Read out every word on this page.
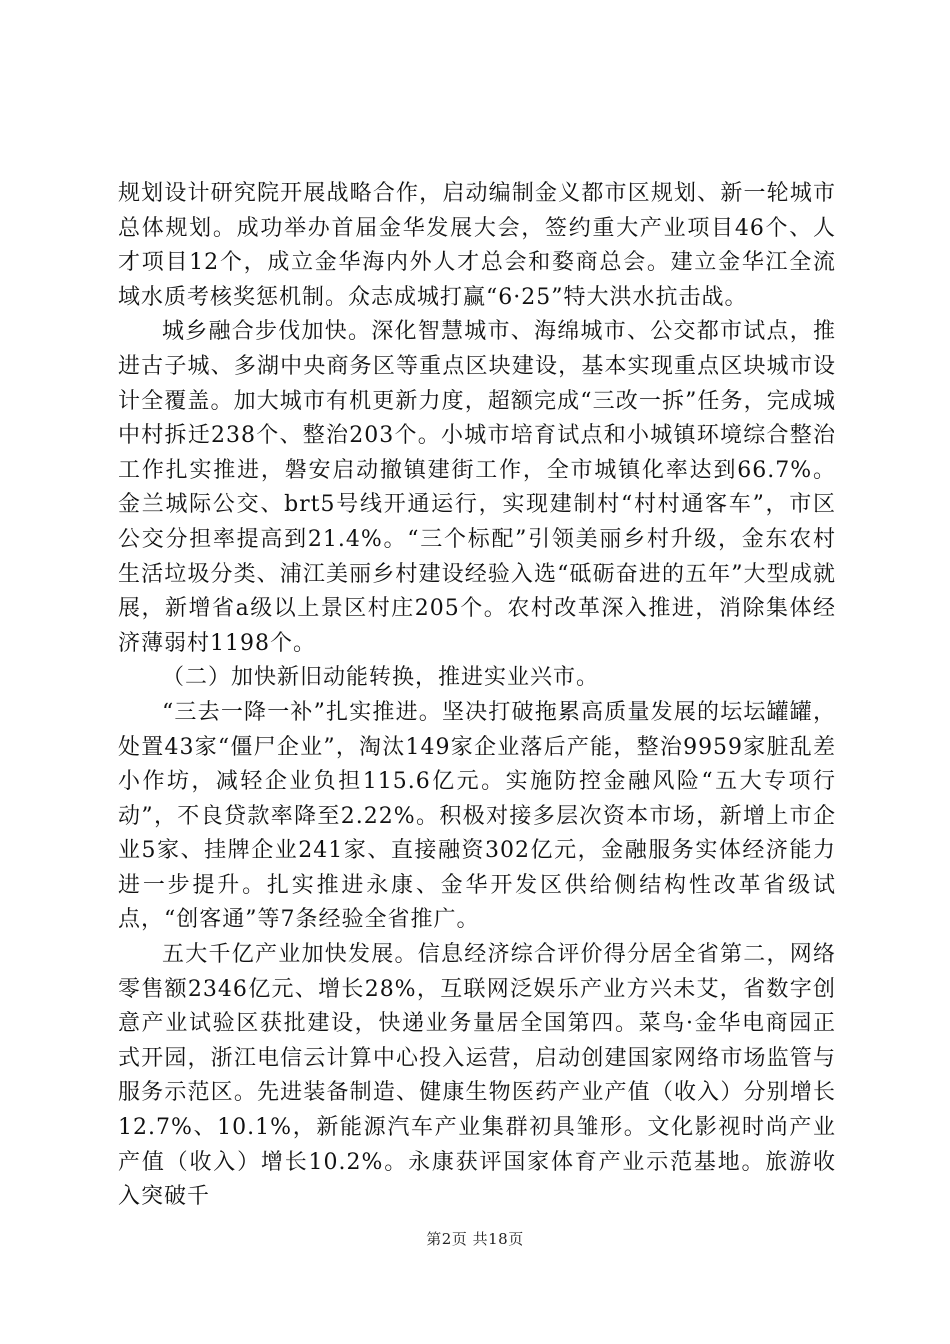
规划设计研究院开展战略合作，启动编制金义都市区规划、新一轮城市总体规划。成功举办首届金华发展大会，签约重大产业项目46个、人才项目12个，成立金华海内外人才总会和婺商总会。建立金华江全流域水质考核奖惩机制。众志成城打赢“6·25”特大洪水抗击战。

城乡融合步伐加快。深化智慧城市、海绵城市、公交都市试点，推进古子城、多湖中央商务区等重点区块建设，基本实现重点区块城市设计全覆盖。加大城市有机更新力度，超额完成“三改一拆”任务，完成城中村拆迁238个、整治203个。小城市培育试点和小城镇环境综合整治工作扎实推进，磐安启动撤镇建街工作，全市城镇化率达到66.7%。金兰城际公交、brt5号线开通运行，实现建制村“村村通客车”，市区公交分担率提高到21.4%。“三个标配”引领美丽乡村升级，金东农村生活垃圾分类、浦江美丽乡村建设经验入选“砥砺奋进的五年”大型成就展，新增省a级以上景区村庄205个。农村改革深入推进，消除集体经济薄弱村1198个。

（二）加快新旧动能转换，推进实业兴市。

“三去一降一补”扎实推进。坚决打破拖累高质量发展的坛坛罐罐，处置43家“僵尸企业”，淘汰149家企业落后产能，整治9959家脏乱差小作坊，减轻企业负担115.6亿元。实施防控金融风险“五大专项行动”，不良贷款率降至2.22%。积极对接多层次资本市场，新增上市企业5家、挂牌企业241家、直接融资302亿元，金融服务实体经济能力进一步提升。扎实推进永康、金华开发区供给侧结构性改革省级试点，“创客通”等7条经验全省推广。

五大千亿产业加快发展。信息经济综合评价得分居全省第二，网络零售额2346亿元、增长28%，互联网泛娱乐产业方兴未艾，省数字创意产业试验区获批建设，快递业务量居全国第四。菜鸟·金华电商园正式开园，浙江电信云计算中心投入运营，启动创建国家网络市场监管与服务示范区。先进装备制造、健康生物医药产业产值（收入）分别增长12.7%、10.1%，新能源汽车产业集群初具雏形。文化影视时尚产业产值（收入）增长10.2%。永康获评国家体育产业示范基地。旅游收入突破千

第2页 共18页
